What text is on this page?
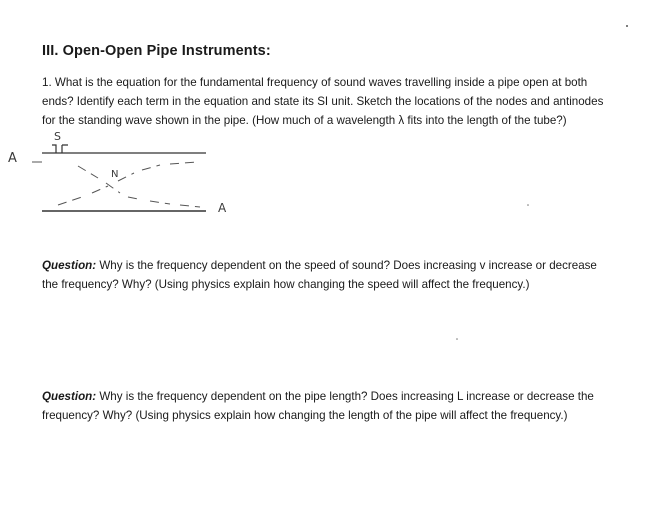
III. Open-Open Pipe Instruments:
1. What is the equation for the fundamental frequency of sound waves travelling inside a pipe open at both
ends? Identify each term in the equation and state its SI unit. Sketch the locations of the nodes and antinodes
for the standing wave shown in the pipe. (How much of a wavelength λ fits into the length of the tube?)
A
N
A
S
Question: Why is the frequency dependent on the speed of sound? Does increasing v increase or decrease
the frequency? Why? (Using physics explain how changing the speed will affect the frequency.)
Question: Why is the frequency dependent on the pipe length? Does increasing L increase or decrease the
frequency? Why? (Using physics explain how changing the length of the pipe will affect the frequency.)
